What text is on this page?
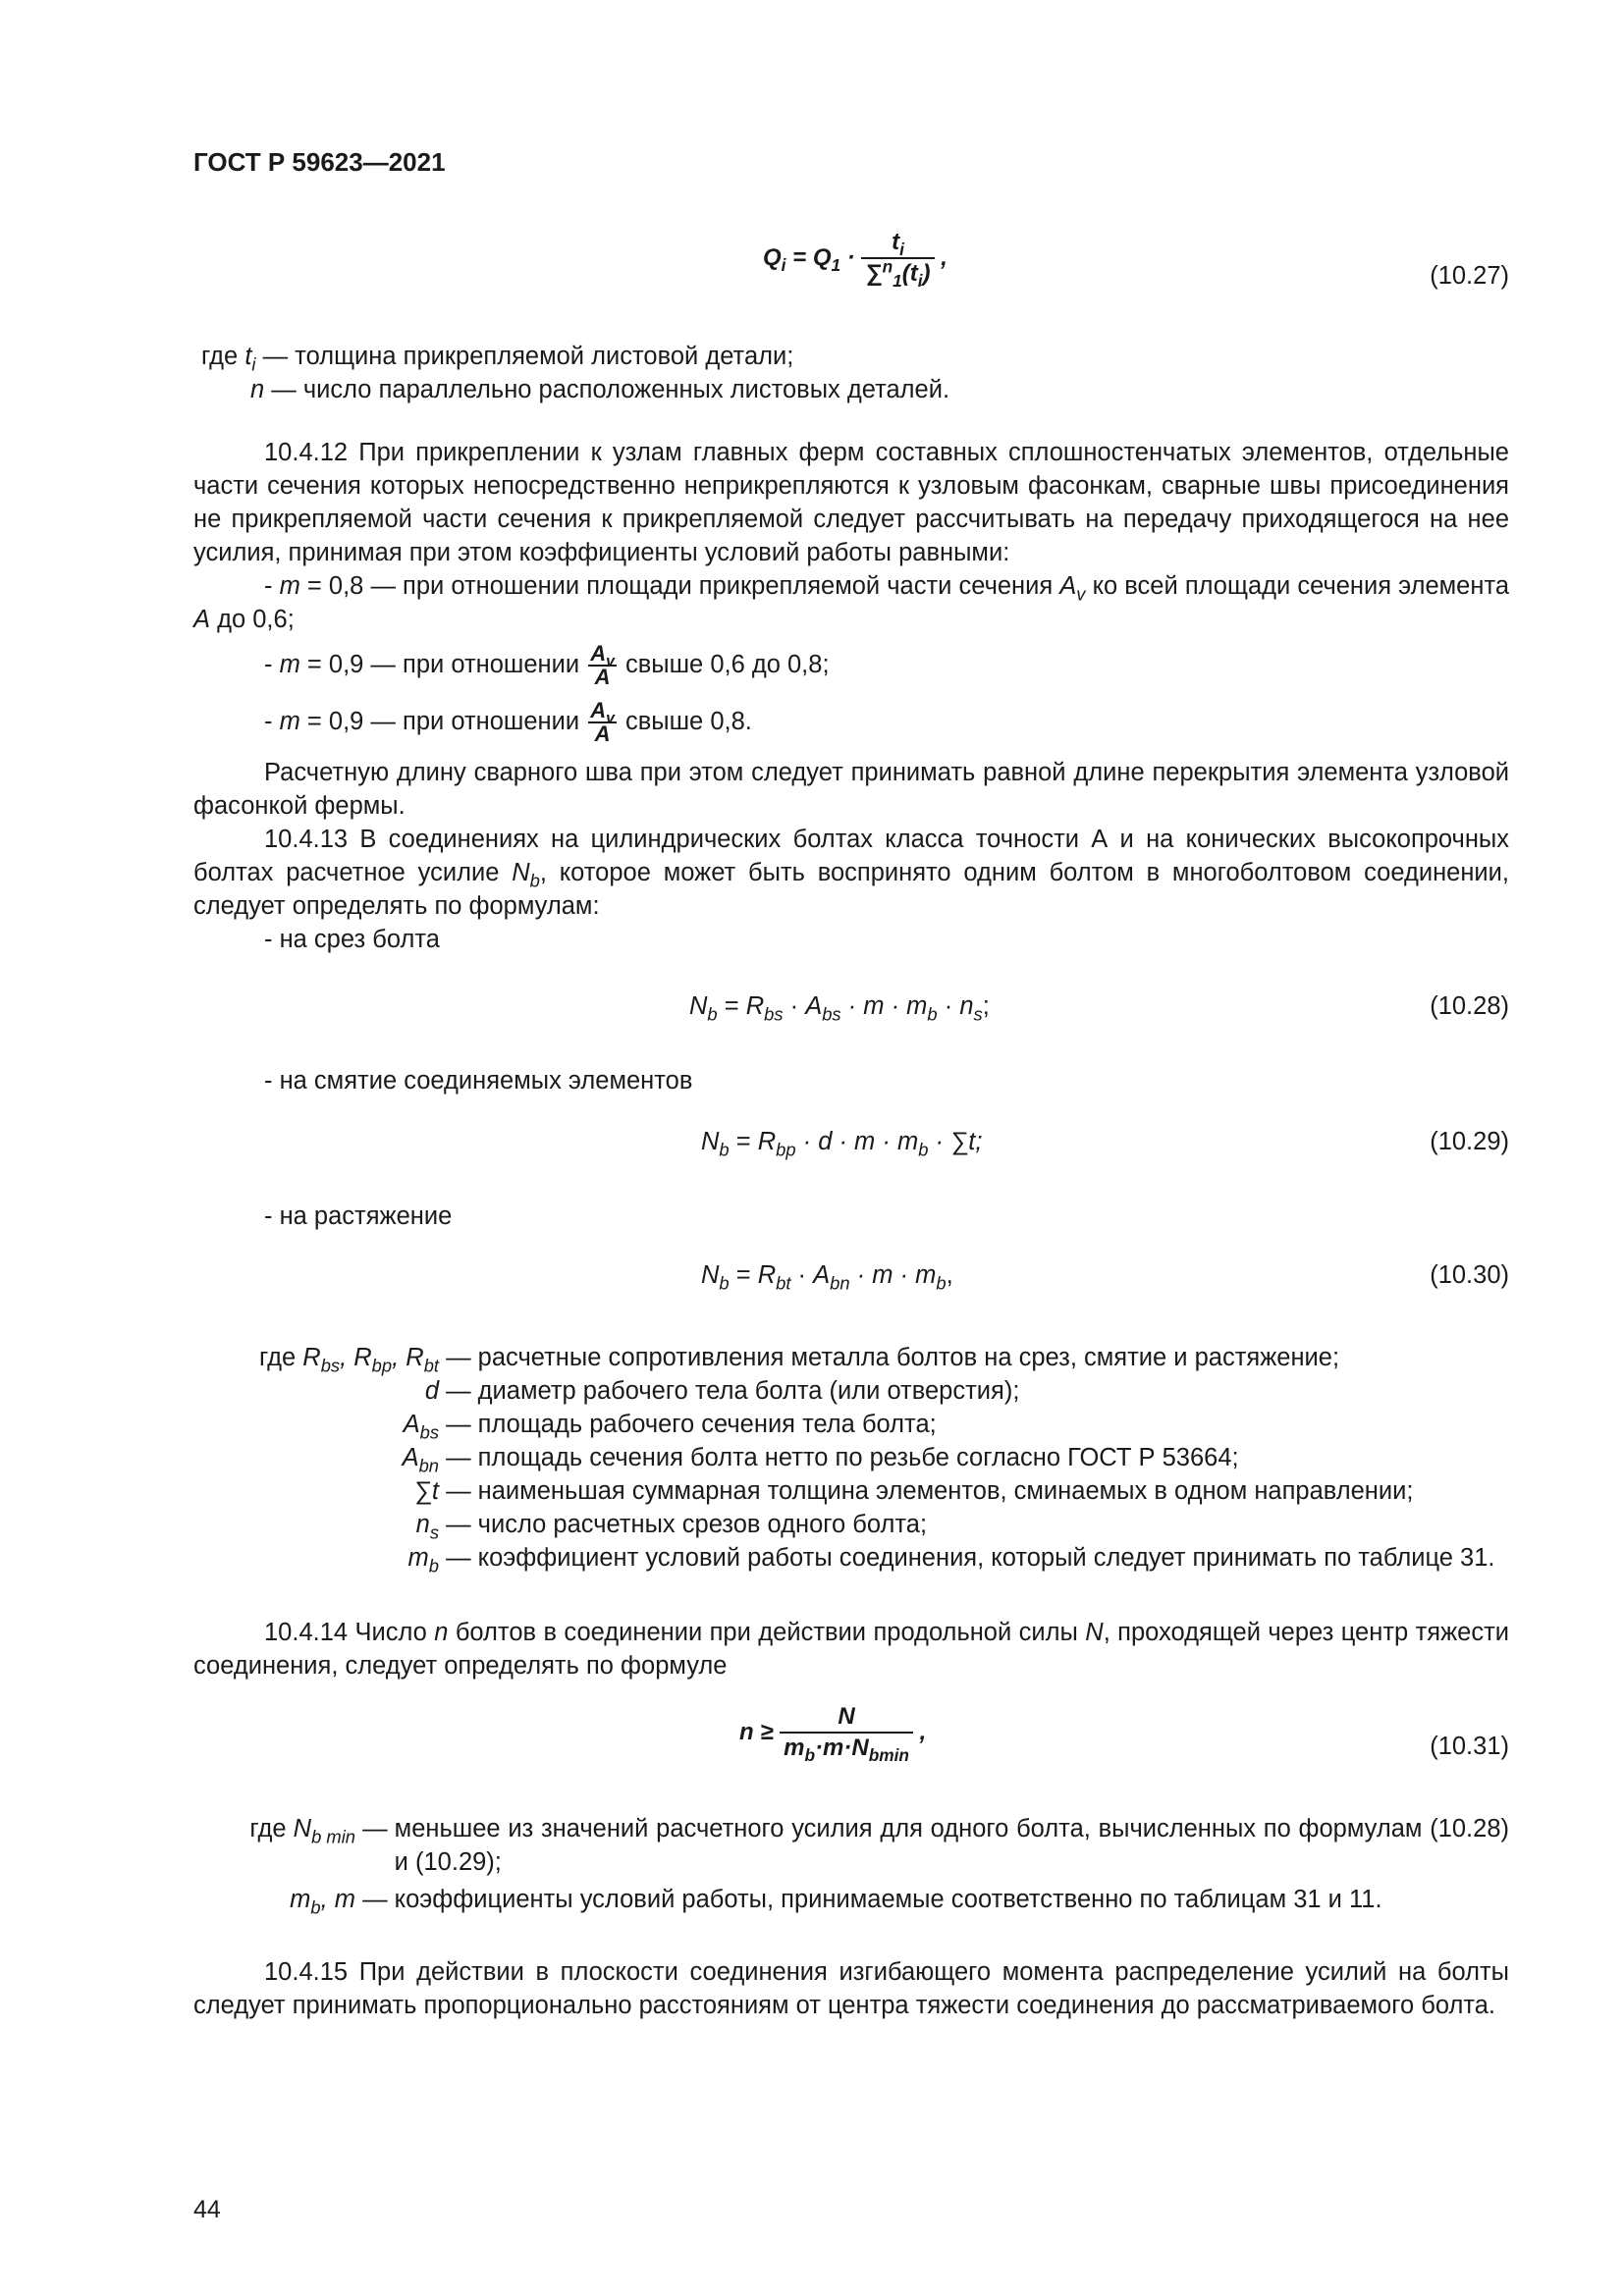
ГОСТ Р 59623—2021
$Q_i = Q_1 \cdot \frac{t_i}{\sum^n_1(t_i)}$ ,
(10.27)
где $t_i$ — толщина прикрепляемой листовой детали;
n — число параллельно расположенных листовых деталей.
10.4.12 При прикреплении к узлам главных ферм составных сплошностенчатых элементов, отдельные части сечения которых непосредственно неприкрепляются к узловым фасонкам, сварные швы присоединения не прикрепляемой части сечения к прикрепляемой следует рассчитывать на передачу приходящегося на нее усилия, принимая при этом коэффициенты условий работы равными:
- m = 0,8 — при отношении площади прикрепляемой части сечения $A_v$ ко всей площади сечения элемента A до 0,6;
- m = 0,9 — при отношении $\frac{A_v}{A}$ свыше 0,6 до 0,8;
- m = 0,9 — при отношении $\frac{A_v}{A}$ свыше 0,8.
Расчетную длину сварного шва при этом следует принимать равной длине перекрытия элемента узловой фасонкой фермы.
10.4.13 В соединениях на цилиндрических болтах класса точности А и на конических высокопрочных болтах расчетное усилие $N_b$, которое может быть воспринято одним болтом в многоболтовом соединении, следует определять по формулам:
- на срез болта
$N_b = R_{bs} \cdot A_{bs} \cdot m \cdot m_b \cdot n_s$;	(10.28)
- на смятие соединяемых элементов
$N_b = R_{bp} \cdot d \cdot m \cdot m_b \cdot \sum t$;	(10.29)
- на растяжение
$N_b = R_{bt} \cdot A_{bn} \cdot m \cdot m_b$,	(10.30)
где $R_{bs}$, $R_{bp}$, $R_{bt}$ — расчетные сопротивления металла болтов на срез, смятие и растяжение;
d — диаметр рабочего тела болта (или отверстия);
$A_{bs}$ — площадь рабочего сечения тела болта;
$A_{bn}$ — площадь сечения болта нетто по резьбе согласно ГОСТ Р 53664;
∑t — наименьшая суммарная толщина элементов, сминаемых в одном направлении;
$n_s$ — число расчетных срезов одного болта;
$m_b$ — коэффициент условий работы соединения, который следует принимать по таблице 31.
10.4.14 Число n болтов в соединении при действии продольной силы N, проходящей через центр тяжести соединения, следует определять по формуле
$n \ge \frac{N}{m_b\cdot m\cdot N_{bmin}}$ ,
(10.31)
где $N_{b min}$ — меньшее из значений расчетного усилия для одного болта, вычисленных по формулам (10.28) и (10.29);
$m_b$, m — коэффициенты условий работы, принимаемые соответственно по таблицам 31 и 11.
10.4.15 При действии в плоскости соединения изгибающего момента распределение усилий на болты следует принимать пропорционально расстояниям от центра тяжести соединения до рассматриваемого болта.
44
